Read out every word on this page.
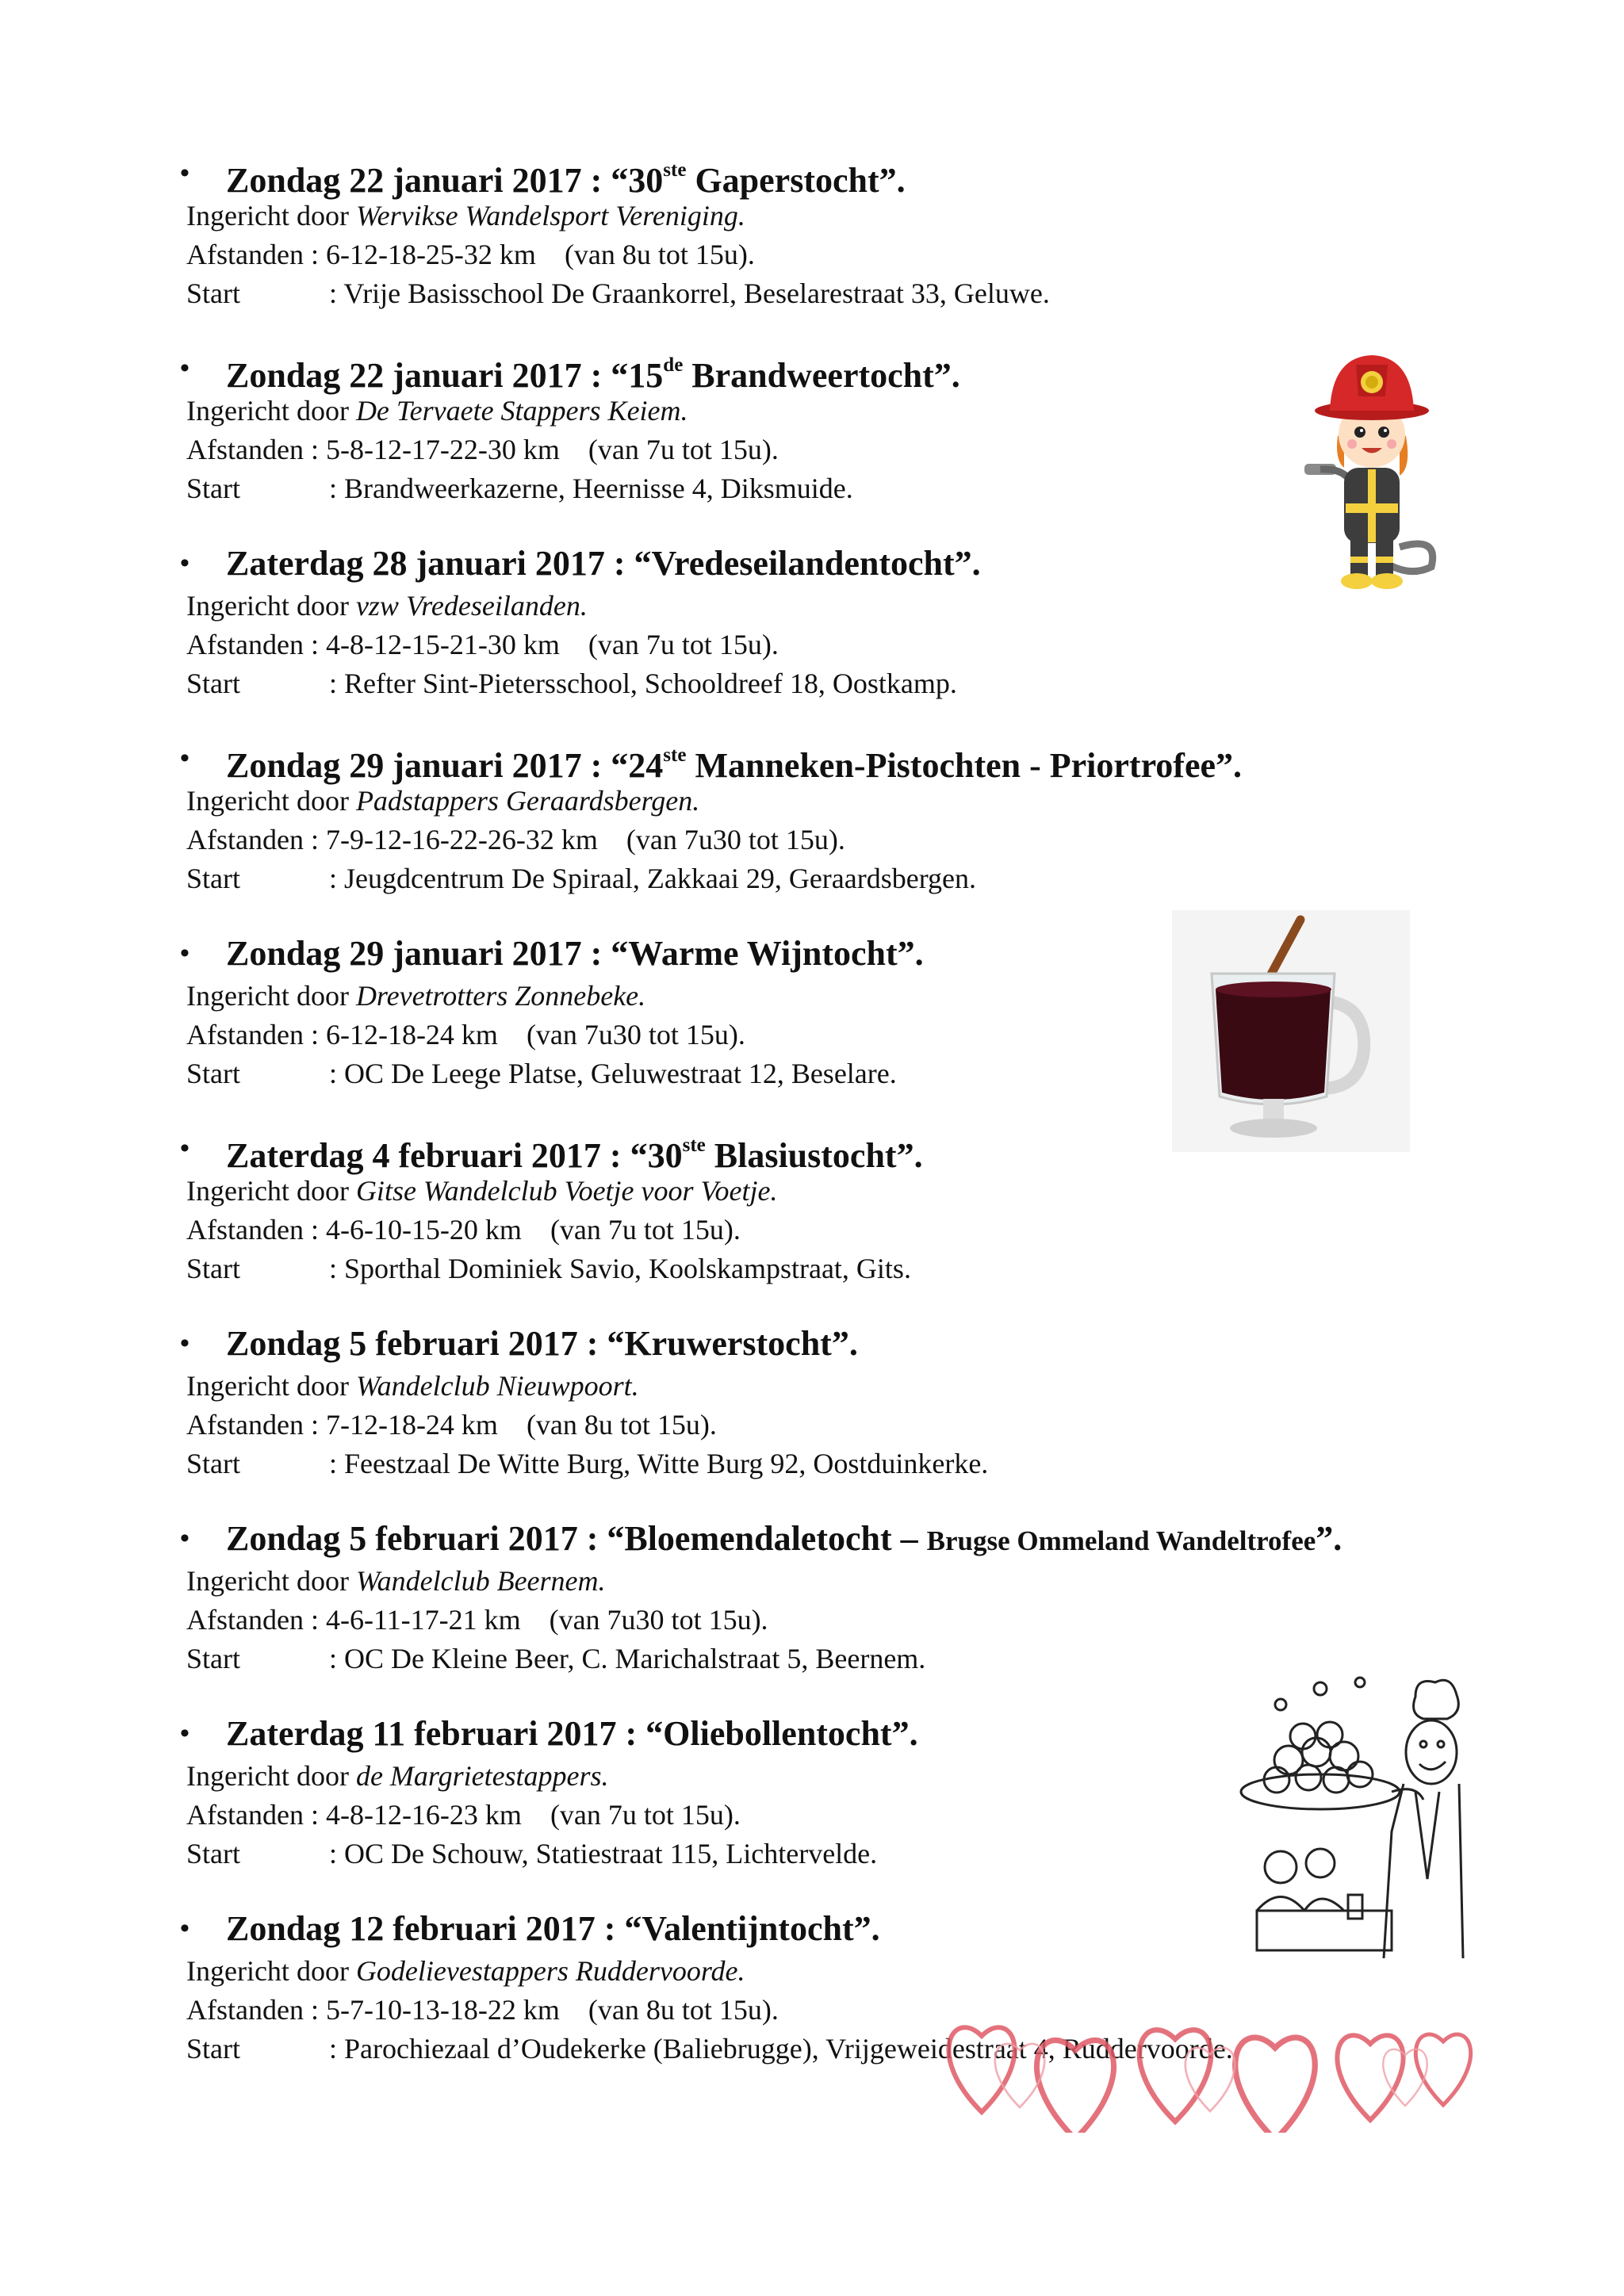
• Zondag 22 januari 2017 : “30ste Gaperstocht”.
Ingericht door Wervikse Wandelsport Vereniging.
Afstanden : 6-12-18-25-32 km (van 8u tot 15u).
Start	: Vrije Basisschool De Graankorrel, Beselarestraat 33, Geluwe.
• Zondag 22 januari 2017 : “15de Brandweertocht”.
Ingericht door De Tervaete Stappers Keiem.
Afstanden : 5-8-12-17-22-30 km (van 7u tot 15u).
Start	: Brandweerkazerne, Heernisse 4, Diksmuide.
• Zaterdag 28 januari 2017 : “Vredeseilandentocht”.
Ingericht door vzw Vredeseilanden.
Afstanden : 4-8-12-15-21-30 km (van 7u tot 15u).
Start	: Refter Sint-Pietersschool, Schooldreef 18, Oostkamp.
• Zondag 29 januari 2017 : “24ste Manneken-Pistochten - Priortrofee”.
Ingericht door Padstappers Geraardsbergen.
Afstanden : 7-9-12-16-22-26-32 km (van 7u30 tot 15u).
Start	: Jeugdcentrum De Spiraal, Zakkaai 29, Geraardsbergen.
• Zondag 29 januari 2017 : “Warme Wijntocht”.
Ingericht door Drevetrotters Zonnebeke.
Afstanden : 6-12-18-24 km (van 7u30 tot 15u).
Start	: OC De Leege Platse, Geluwestraat 12, Beselare.
• Zaterdag 4 februari 2017 : “30ste Blasiustocht”.
Ingericht door Gitse Wandelclub Voetje voor Voetje.
Afstanden : 4-6-10-15-20 km (van 7u tot 15u).
Start	: Sporthal Dominiek Savio, Koolskampstraat, Gits.
• Zondag 5 februari 2017 : “Kruwerstocht”.
Ingericht door Wandelclub Nieuwpoort.
Afstanden : 7-12-18-24 km (van 8u tot 15u).
Start	: Feestzaal De Witte Burg, Witte Burg 92, Oostduinkerke.
• Zondag 5 februari 2017 : “Bloemendaletocht – Brugse Ommeland Wandeltrofee”.
Ingericht door Wandelclub Beernem.
Afstanden : 4-6-11-17-21 km (van 7u30 tot 15u).
Start	: OC De Kleine Beer, C. Marichalstraat 5, Beernem.
• Zaterdag 11 februari 2017 : “Oliebollentocht”.
Ingericht door de Margrietestappers.
Afstanden : 4-8-12-16-23 km (van 7u tot 15u).
Start	: OC De Schouw, Statiestraat 115, Lichtervelde.
• Zondag 12 februari 2017 : “Valentijntocht”.
Ingericht door Godelievestappers Ruddervoorde.
Afstanden : 5-7-10-13-18-22 km (van 8u tot 15u).
Start	: Parochiezaal d’Oudekerke (Baliebrugge), Vrijgeweidestraat 4, Ruddervoorde.
